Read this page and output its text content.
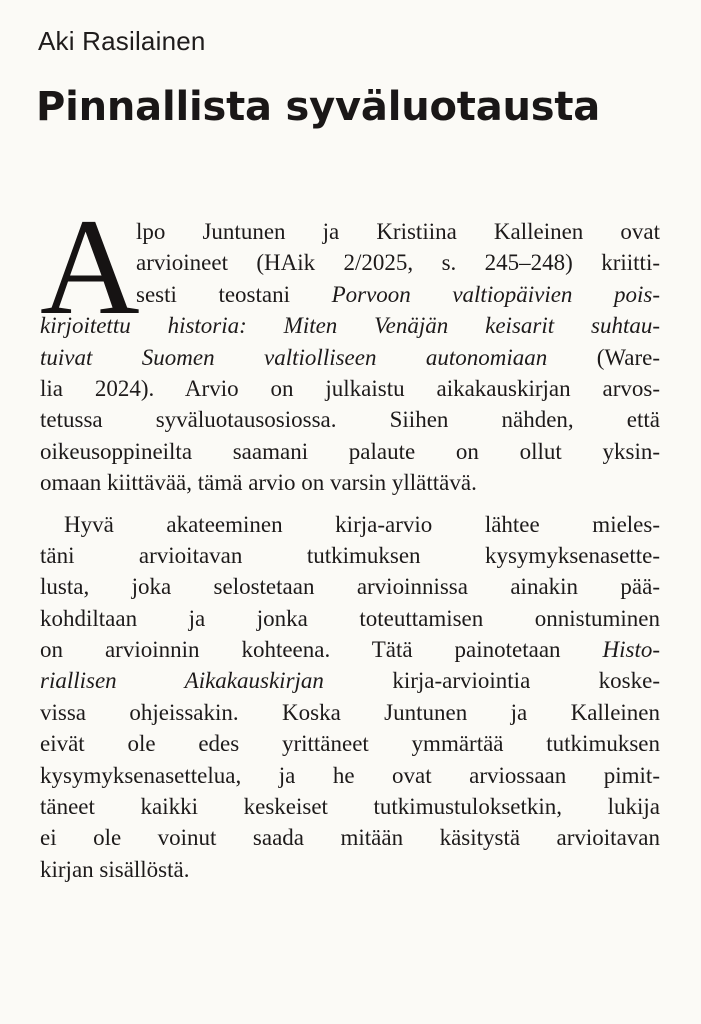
Aki Rasilainen
Pinnallista syväluotausta
A
lpo Juntunen ja Kristiina Kalleinen ovat
arvioineet (HAik 2/2025, s. 245–248) kriitti-
sesti teostani Porvoon valtiopäivien pois-
kirjoitettu historia: Miten Venäjän keisarit suhtau-
tuivat Suomen valtiolliseen autonomiaan (Ware-
lia 2024). Arvio on julkaistu aikakauskirjan arvos-
tetussa syväluotausosiossa. Siihen nähden, että
oikeusoppineilta saamani palaute on ollut yksin-
omaan kiittävää, tämä arvio on varsin yllättävä.
Hyvä akateeminen kirja-arvio lähtee mieles-
täni arvioitavan tutkimuksen kysymyksenasette-
lusta, joka selostetaan arvioinnissa ainakin pää-
kohdiltaan ja jonka toteuttamisen onnistuminen
on arvioinnin kohteena. Tätä painotetaan Histo-
riallisen Aikakauskirjan kirja-arviointia koske-
vissa ohjeissakin. Koska Juntunen ja Kalleinen
eivät ole edes yrittäneet ymmärtää tutkimuksen
kysymyksenasettelua, ja he ovat arviossaan pimit-
täneet kaikki keskeiset tutkimustuloksetkin, lukija
ei ole voinut saada mitään käsitystä arvioitavan
kirjan sisällöstä.
